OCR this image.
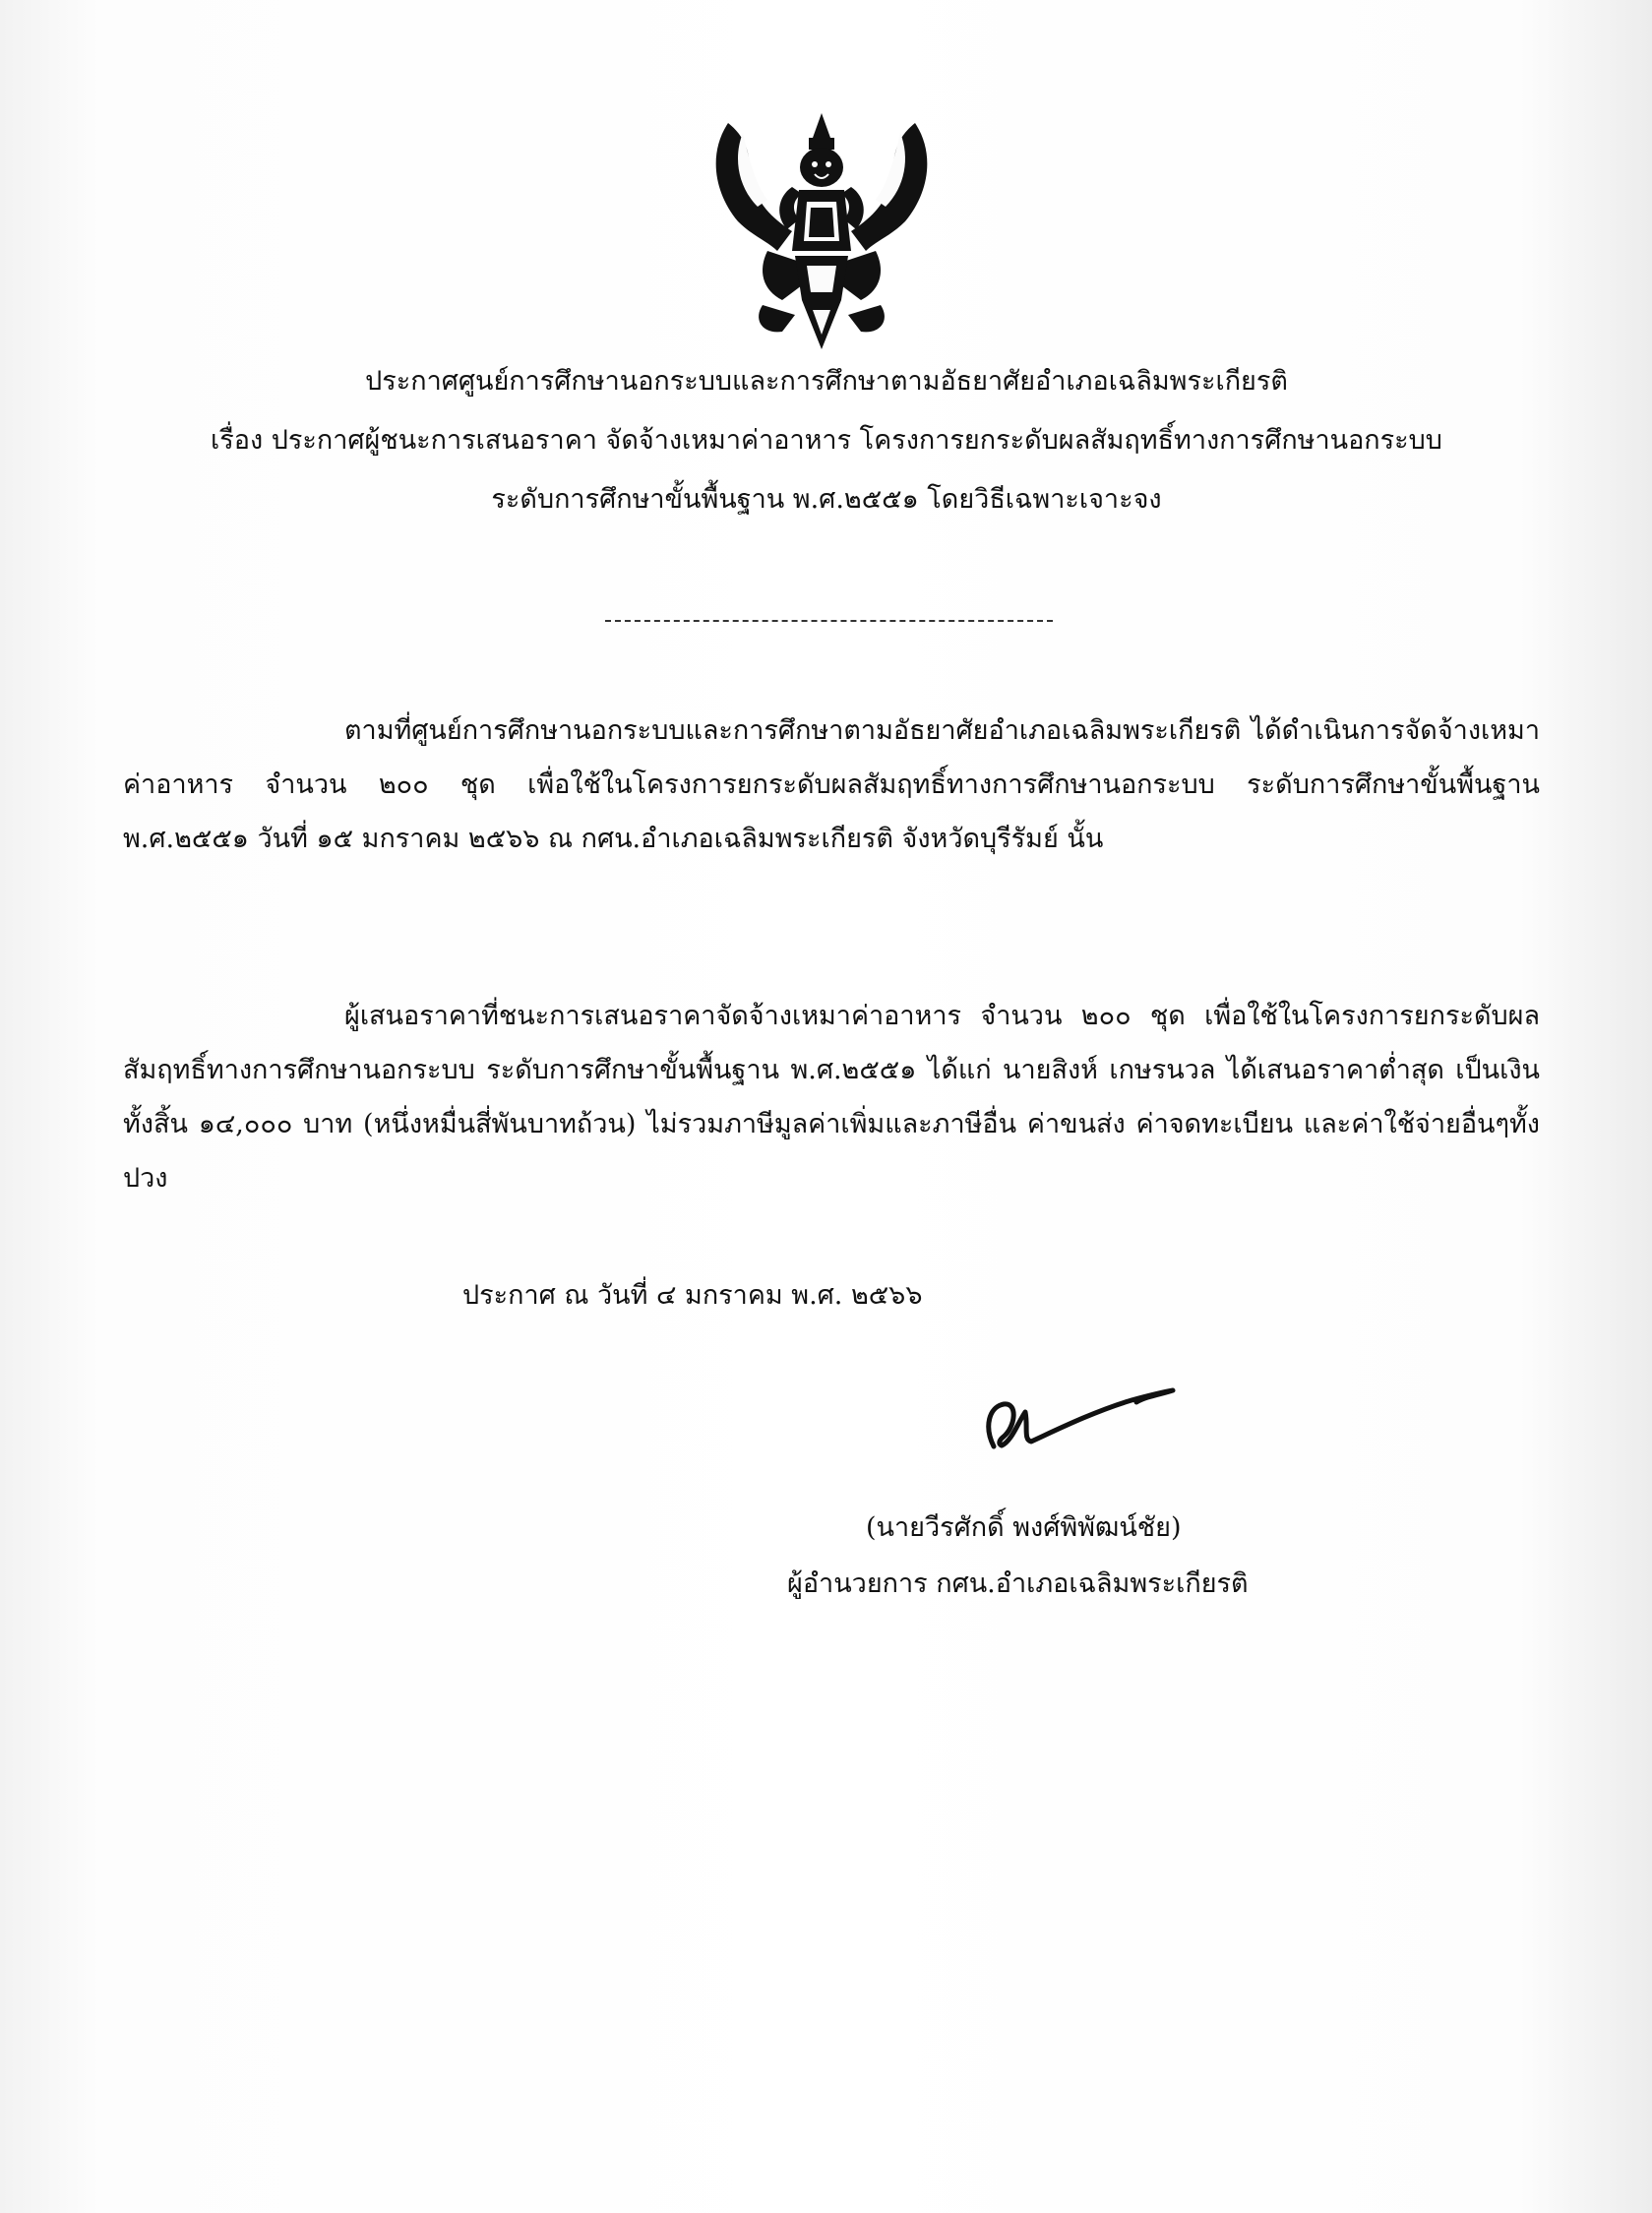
ประกาศศูนย์การศึกษานอกระบบและการศึกษาตามอัธยาศัยอำเภอเฉลิมพระเกียรติ
เรื่อง ประกาศผู้ชนะการเสนอราคา จัดจ้างเหมาค่าอาหาร โครงการยกระดับผลสัมฤทธิ์ทางการศึกษานอกระบบ
ระดับการศึกษาขั้นพื้นฐาน พ.ศ.๒๕๕๑ โดยวิธีเฉพาะเจาะจง
ตามที่ศูนย์การศึกษานอกระบบและการศึกษาตามอัธยาศัยอำเภอเฉลิมพระเกียรติ ได้ดำเนินการจัดจ้างเหมาค่าอาหาร จำนวน ๒๐๐ ชุด เพื่อใช้ในโครงการยกระดับผลสัมฤทธิ์ทางการศึกษานอกระบบ ระดับการศึกษาขั้นพื้นฐาน พ.ศ.๒๕๕๑ วันที่ ๑๕ มกราคม ๒๕๖๖ ณ กศน.อำเภอเฉลิมพระเกียรติ จังหวัดบุรีรัมย์ นั้น
ผู้เสนอราคาที่ชนะการเสนอราคาจัดจ้างเหมาค่าอาหาร จำนวน ๒๐๐ ชุด เพื่อใช้ในโครงการยกระดับผลสัมฤทธิ์ทางการศึกษานอกระบบ ระดับการศึกษาขั้นพื้นฐาน พ.ศ.๒๕๕๑ ได้แก่ นายสิงห์ เกษรนวล ได้เสนอราคาต่ำสุด เป็นเงินทั้งสิ้น ๑๔,๐๐๐ บาท (หนึ่งหมื่นสี่พันบาทถ้วน) ไม่รวมภาษีมูลค่าเพิ่มและภาษีอื่น ค่าขนส่ง ค่าจดทะเบียน และค่าใช้จ่ายอื่นๆทั้งปวง
ประกาศ ณ วันที่ ๔ มกราคม พ.ศ. ๒๕๖๖
(นายวีรศักดิ์ พงศ์พิพัฒน์ชัย)
ผู้อำนวยการ กศน.อำเภอเฉลิมพระเกียรติ
